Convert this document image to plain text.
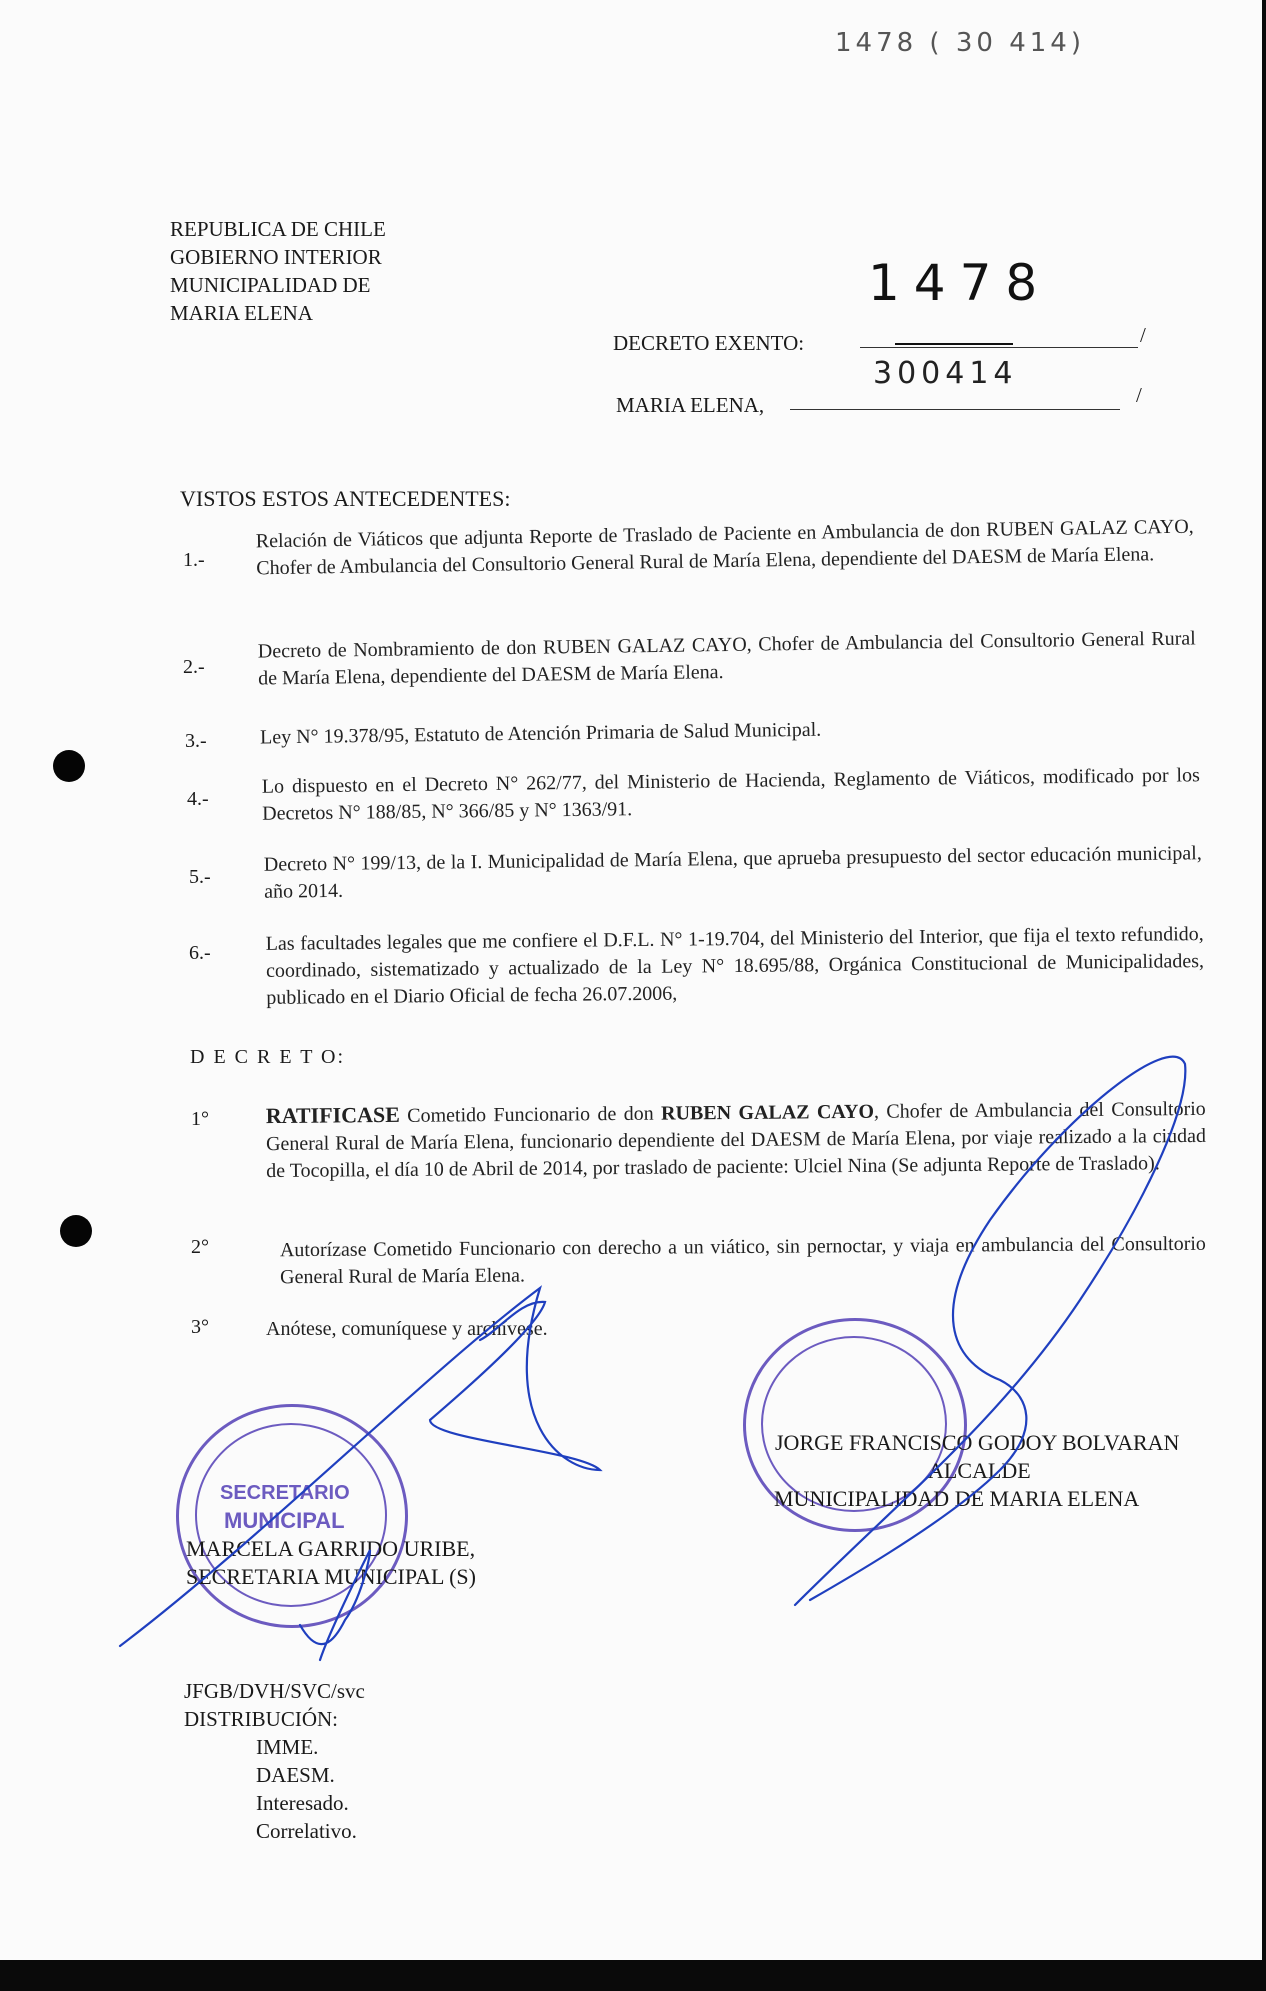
1478 ( 30 414)
REPUBLICA DE CHILE
GOBIERNO INTERIOR
MUNICIPALIDAD DE
MARIA ELENA
1478
DECRETO EXENTO:	/
300414
MARIA ELENA,	/
VISTOS ESTOS ANTECEDENTES:
1.-
Relación de Viáticos que adjunta Reporte de Traslado de Paciente en Ambulancia de don RUBEN GALAZ CAYO, Chofer de Ambulancia del Consultorio General Rural de María Elena, dependiente del DAESM de María Elena.
2.-
Decreto de Nombramiento de don RUBEN GALAZ CAYO, Chofer de Ambulancia del Consultorio General Rural de María Elena, dependiente del DAESM de María Elena.
3.-	Ley N° 19.378/95, Estatuto de Atención Primaria de Salud Municipal.
4.-
Lo dispuesto en el Decreto N° 262/77, del Ministerio de Hacienda, Reglamento de Viáticos, modificado por los Decretos N° 188/85, N° 366/85 y N° 1363/91.
5.-
Decreto N° 199/13, de la I. Municipalidad de María Elena, que aprueba presupuesto del sector educación municipal, año 2014.
6.-	Las facultades legales que me confiere el D.F.L. N° 1-19.704, del Ministerio del Interior, que fija el texto refundido, coordinado, sistematizado y actualizado de la Ley N° 18.695/88, Orgánica Constitucional de Municipalidades, publicado en el Diario Oficial de fecha 26.07.2006,
D E C R E T O:
1°	RATIFICASE Cometido Funcionario de don RUBEN GALAZ CAYO, Chofer de Ambulancia del Consultorio General Rural de María Elena, funcionario dependiente del DAESM de María Elena, por viaje realizado a la ciudad de Tocopilla, el día 10 de Abril de 2014, por traslado de paciente: Ulciel Nina (Se adjunta Reporte de Traslado).
2°	Autorízase Cometido Funcionario con derecho a un viático, sin pernoctar, y viaja en ambulancia del Consultorio General Rural de María Elena.
3°	Anótese, comuníquese y archívese.
SECRETARIO
MUNICIPAL
MARCELA GARRIDO URIBE,
SECRETARIA MUNICIPAL (S)
JORGE FRANCISCO GODOY BOLVARAN
ALCALDE
MUNICIPALIDAD DE MARIA ELENA
JFGB/DVH/SVC/svc
DISTRIBUCIÓN:
IMME.
DAESM.
Interesado.
Correlativo.
